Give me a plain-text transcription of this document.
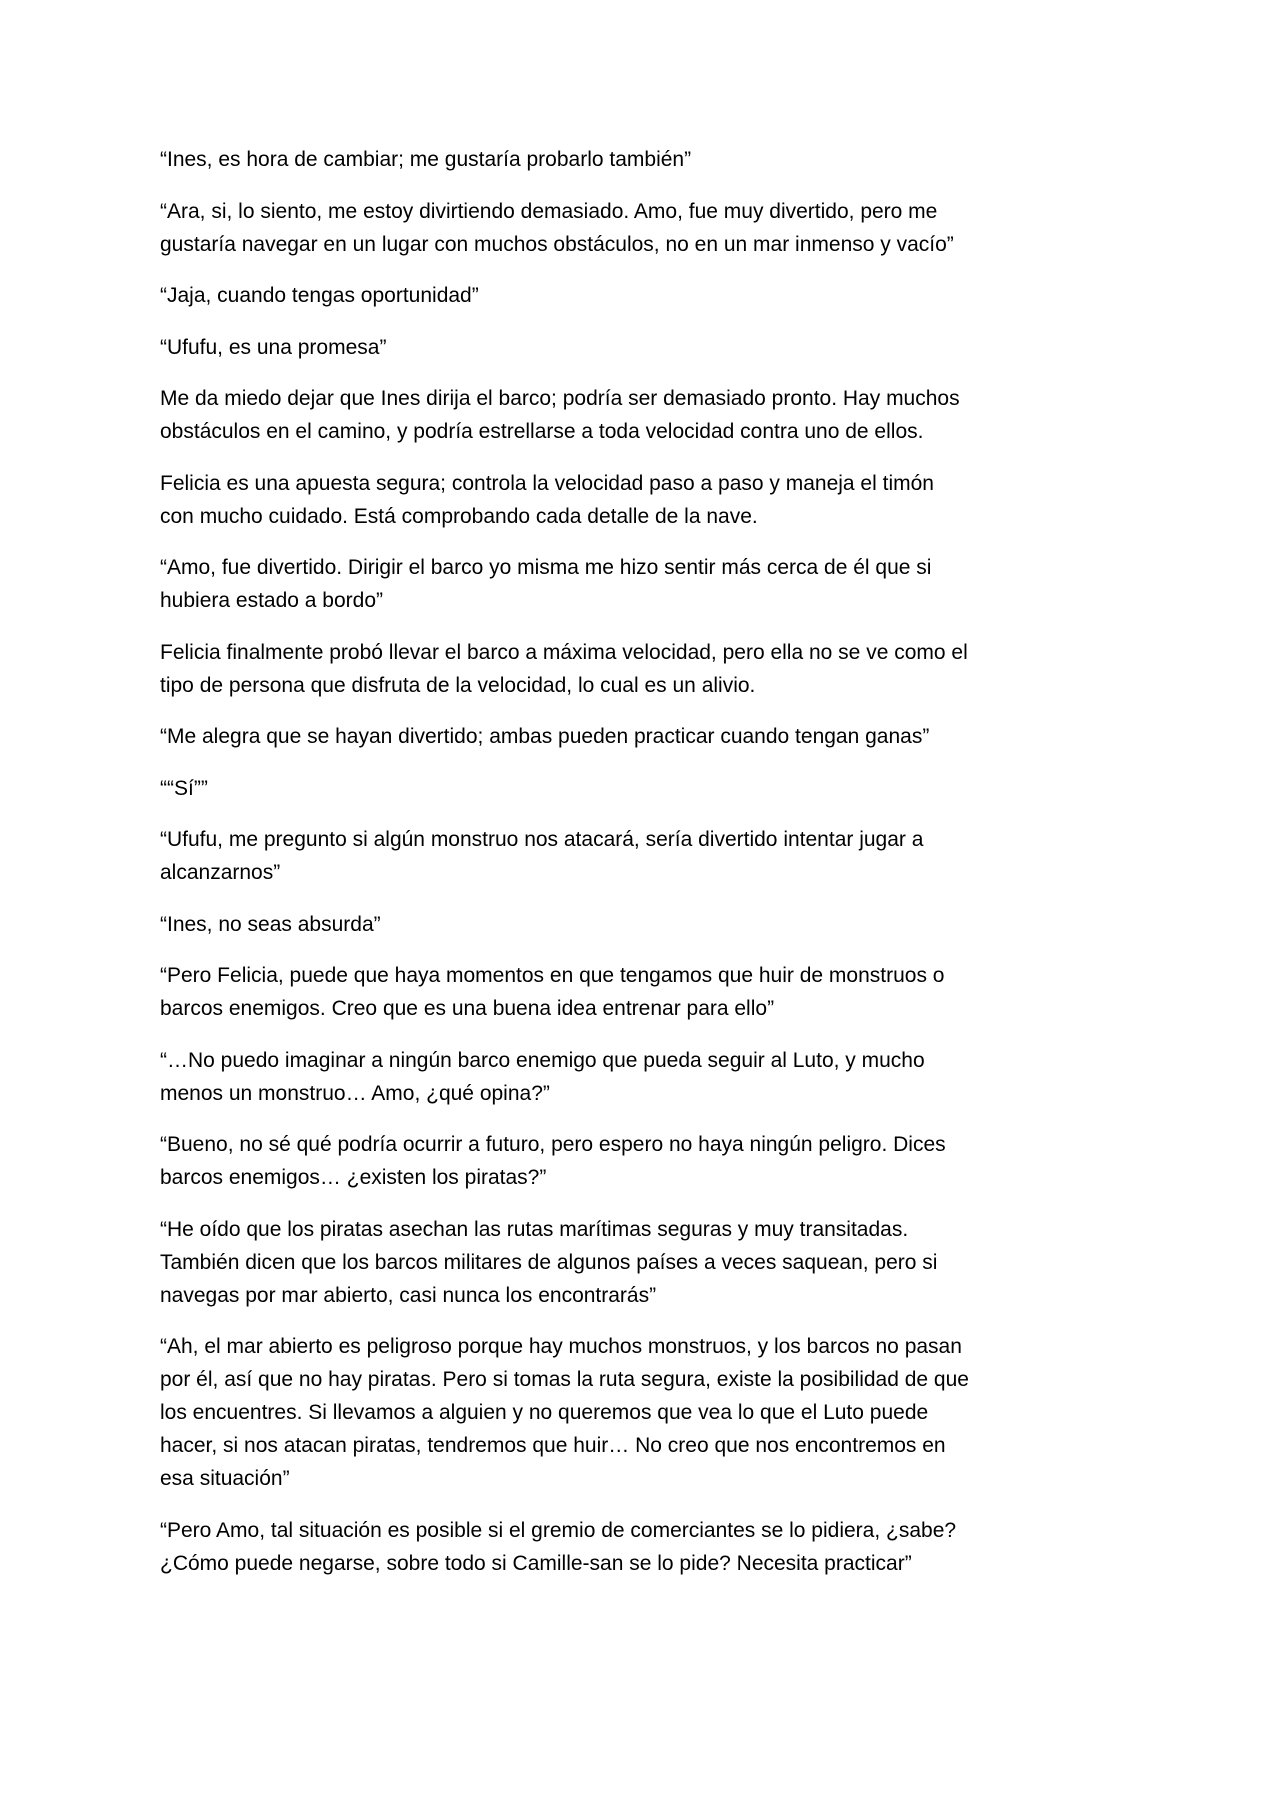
“Ines, es hora de cambiar; me gustaría probarlo también”

“Ara, si, lo siento, me estoy divirtiendo demasiado. Amo, fue muy divertido, pero me
gustaría navegar en un lugar con muchos obstáculos, no en un mar inmenso y vacío”

“Jaja, cuando tengas oportunidad”

“Ufufu, es una promesa”

Me da miedo dejar que Ines dirija el barco; podría ser demasiado pronto. Hay muchos
obstáculos en el camino, y podría estrellarse a toda velocidad contra uno de ellos.

Felicia es una apuesta segura; controla la velocidad paso a paso y maneja el timón
con mucho cuidado. Está comprobando cada detalle de la nave.

“Amo, fue divertido. Dirigir el barco yo misma me hizo sentir más cerca de él que si
hubiera estado a bordo”

Felicia finalmente probó llevar el barco a máxima velocidad, pero ella no se ve como el
tipo de persona que disfruta de la velocidad, lo cual es un alivio.

“Me alegra que se hayan divertido; ambas pueden practicar cuando tengan ganas”

““Sí””

“Ufufu, me pregunto si algún monstruo nos atacará, sería divertido intentar jugar a
alcanzarnos”

“Ines, no seas absurda”

“Pero Felicia, puede que haya momentos en que tengamos que huir de monstruos o
barcos enemigos. Creo que es una buena idea entrenar para ello”

“…No puedo imaginar a ningún barco enemigo que pueda seguir al Luto, y mucho
menos un monstruo… Amo, ¿qué opina?”

“Bueno, no sé qué podría ocurrir a futuro, pero espero no haya ningún peligro. Dices
barcos enemigos… ¿existen los piratas?”

“He oído que los piratas asechan las rutas marítimas seguras y muy transitadas.
También dicen que los barcos militares de algunos países a veces saquean, pero si
navegas por mar abierto, casi nunca los encontrarás”

“Ah, el mar abierto es peligroso porque hay muchos monstruos, y los barcos no pasan
por él, así que no hay piratas. Pero si tomas la ruta segura, existe la posibilidad de que
los encuentres. Si llevamos a alguien y no queremos que vea lo que el Luto puede
hacer, si nos atacan piratas, tendremos que huir… No creo que nos encontremos en
esa situación”

“Pero Amo, tal situación es posible si el gremio de comerciantes se lo pidiera, ¿sabe?
¿Cómo puede negarse, sobre todo si Camille-san se lo pide? Necesita practicar”
